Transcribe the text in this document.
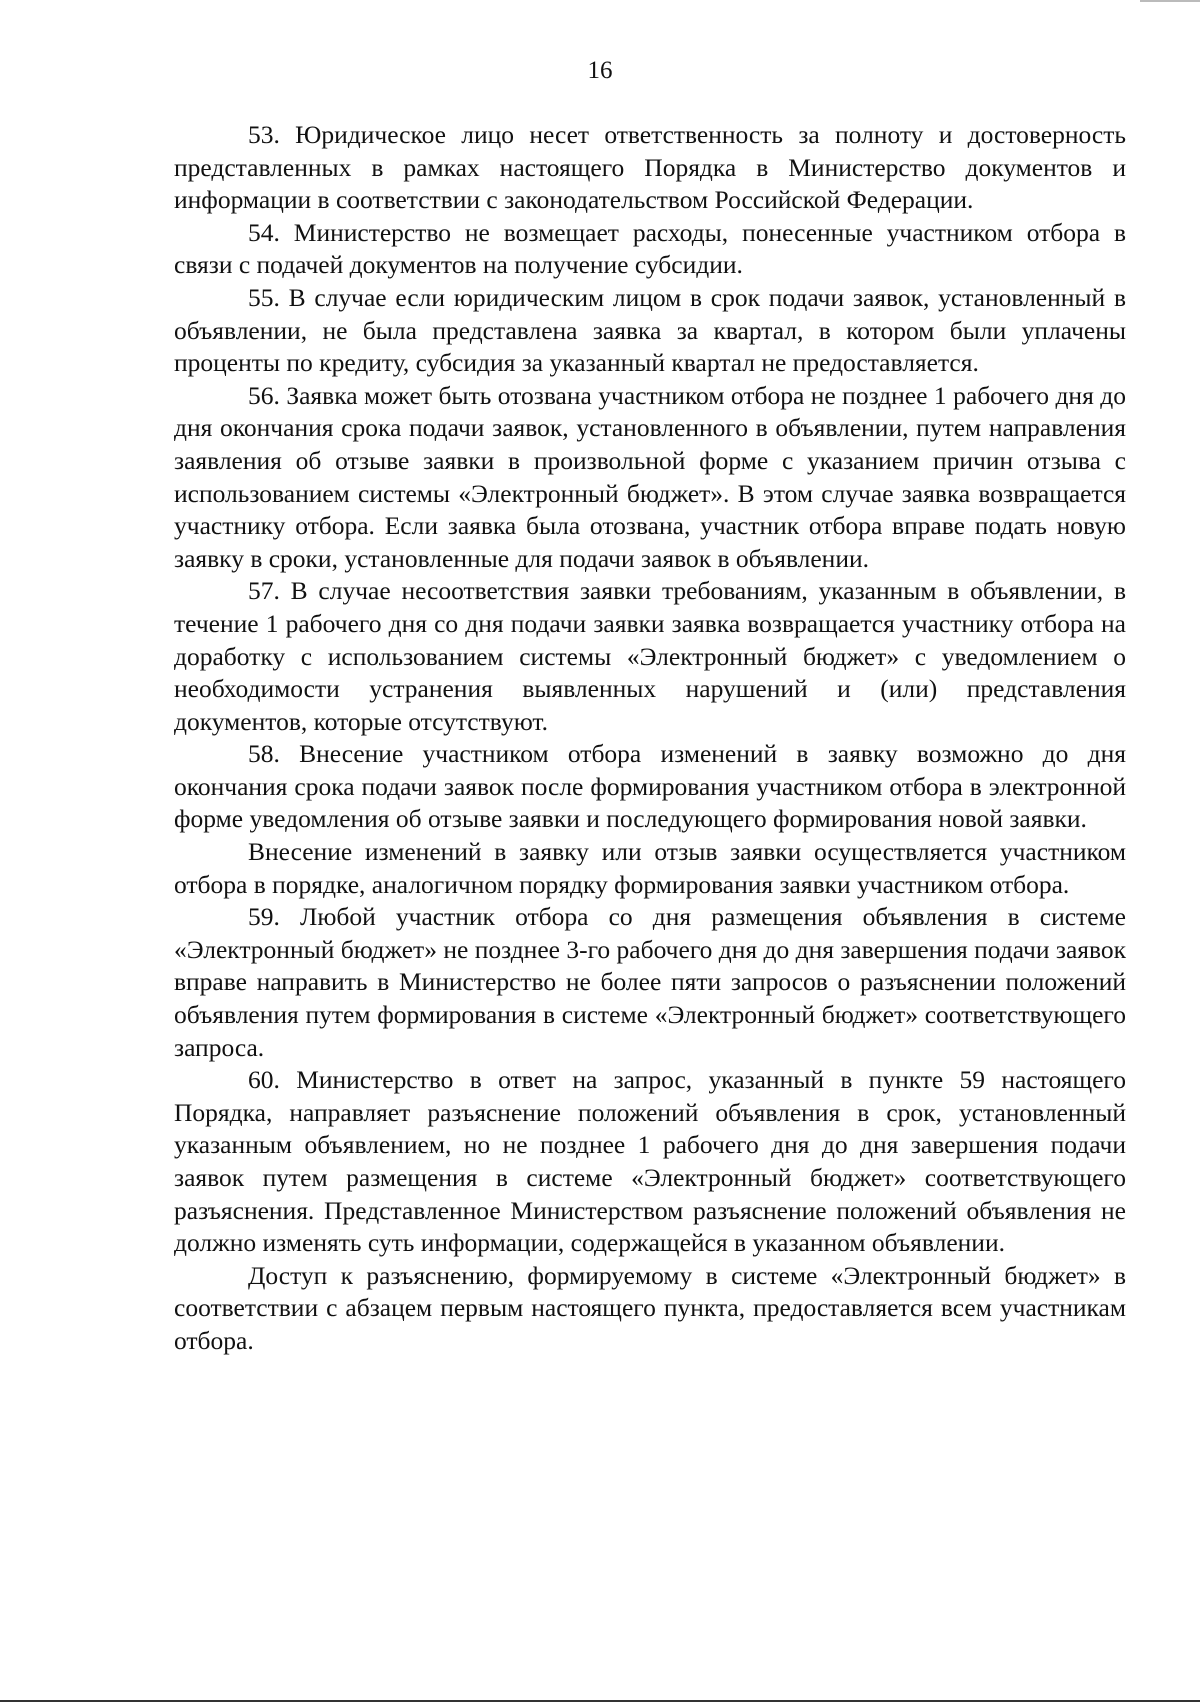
16

53. Юридическое лицо несет ответственность за полноту и достоверность представленных в рамках настоящего Порядка в Министерство документов и информации в соответствии с законодательством Российской Федерации.

54. Министерство не возмещает расходы, понесенные участником отбора в связи с подачей документов на получение субсидии.

55. В случае если юридическим лицом в срок подачи заявок, установленный в объявлении, не была представлена заявка за квартал, в котором были уплачены проценты по кредиту, субсидия за указанный квартал не предоставляется.

56. Заявка может быть отозвана участником отбора не позднее 1 рабочего дня до дня окончания срока подачи заявок, установленного в объявлении, путем направления заявления об отзыве заявки в произвольной форме с указанием причин отзыва с использованием системы «Электронный бюджет». В этом случае заявка возвращается участнику отбора. Если заявка была отозвана, участник отбора вправе подать новую заявку в сроки, установленные для подачи заявок в объявлении.

57. В случае несоответствия заявки требованиям, указанным в объявлении, в течение 1 рабочего дня со дня подачи заявки заявка возвращается участнику отбора на доработку с использованием системы «Электронный бюджет» с уведомлением о необходимости устранения выявленных нарушений и (или) представления документов, которые отсутствуют.

58. Внесение участником отбора изменений в заявку возможно до дня окончания срока подачи заявок после формирования участником отбора в электронной форме уведомления об отзыве заявки и последующего формирования новой заявки.

Внесение изменений в заявку или отзыв заявки осуществляется участником отбора в порядке, аналогичном порядку формирования заявки участником отбора.

59. Любой участник отбора со дня размещения объявления в системе «Электронный бюджет» не позднее 3-го рабочего дня до дня завершения подачи заявок вправе направить в Министерство не более пяти запросов о разъяснении положений объявления путем формирования в системе «Электронный бюджет» соответствующего запроса.

60. Министерство в ответ на запрос, указанный в пункте 59 настоящего Порядка, направляет разъяснение положений объявления в срок, установленный указанным объявлением, но не позднее 1 рабочего дня до дня завершения подачи заявок путем размещения в системе «Электронный бюджет» соответствующего разъяснения. Представленное Министерством разъяснение положений объявления не должно изменять суть информации, содержащейся в указанном объявлении.

Доступ к разъяснению, формируемому в системе «Электронный бюджет» в соответствии с абзацем первым настоящего пункта, предоставляется всем участникам отбора.
